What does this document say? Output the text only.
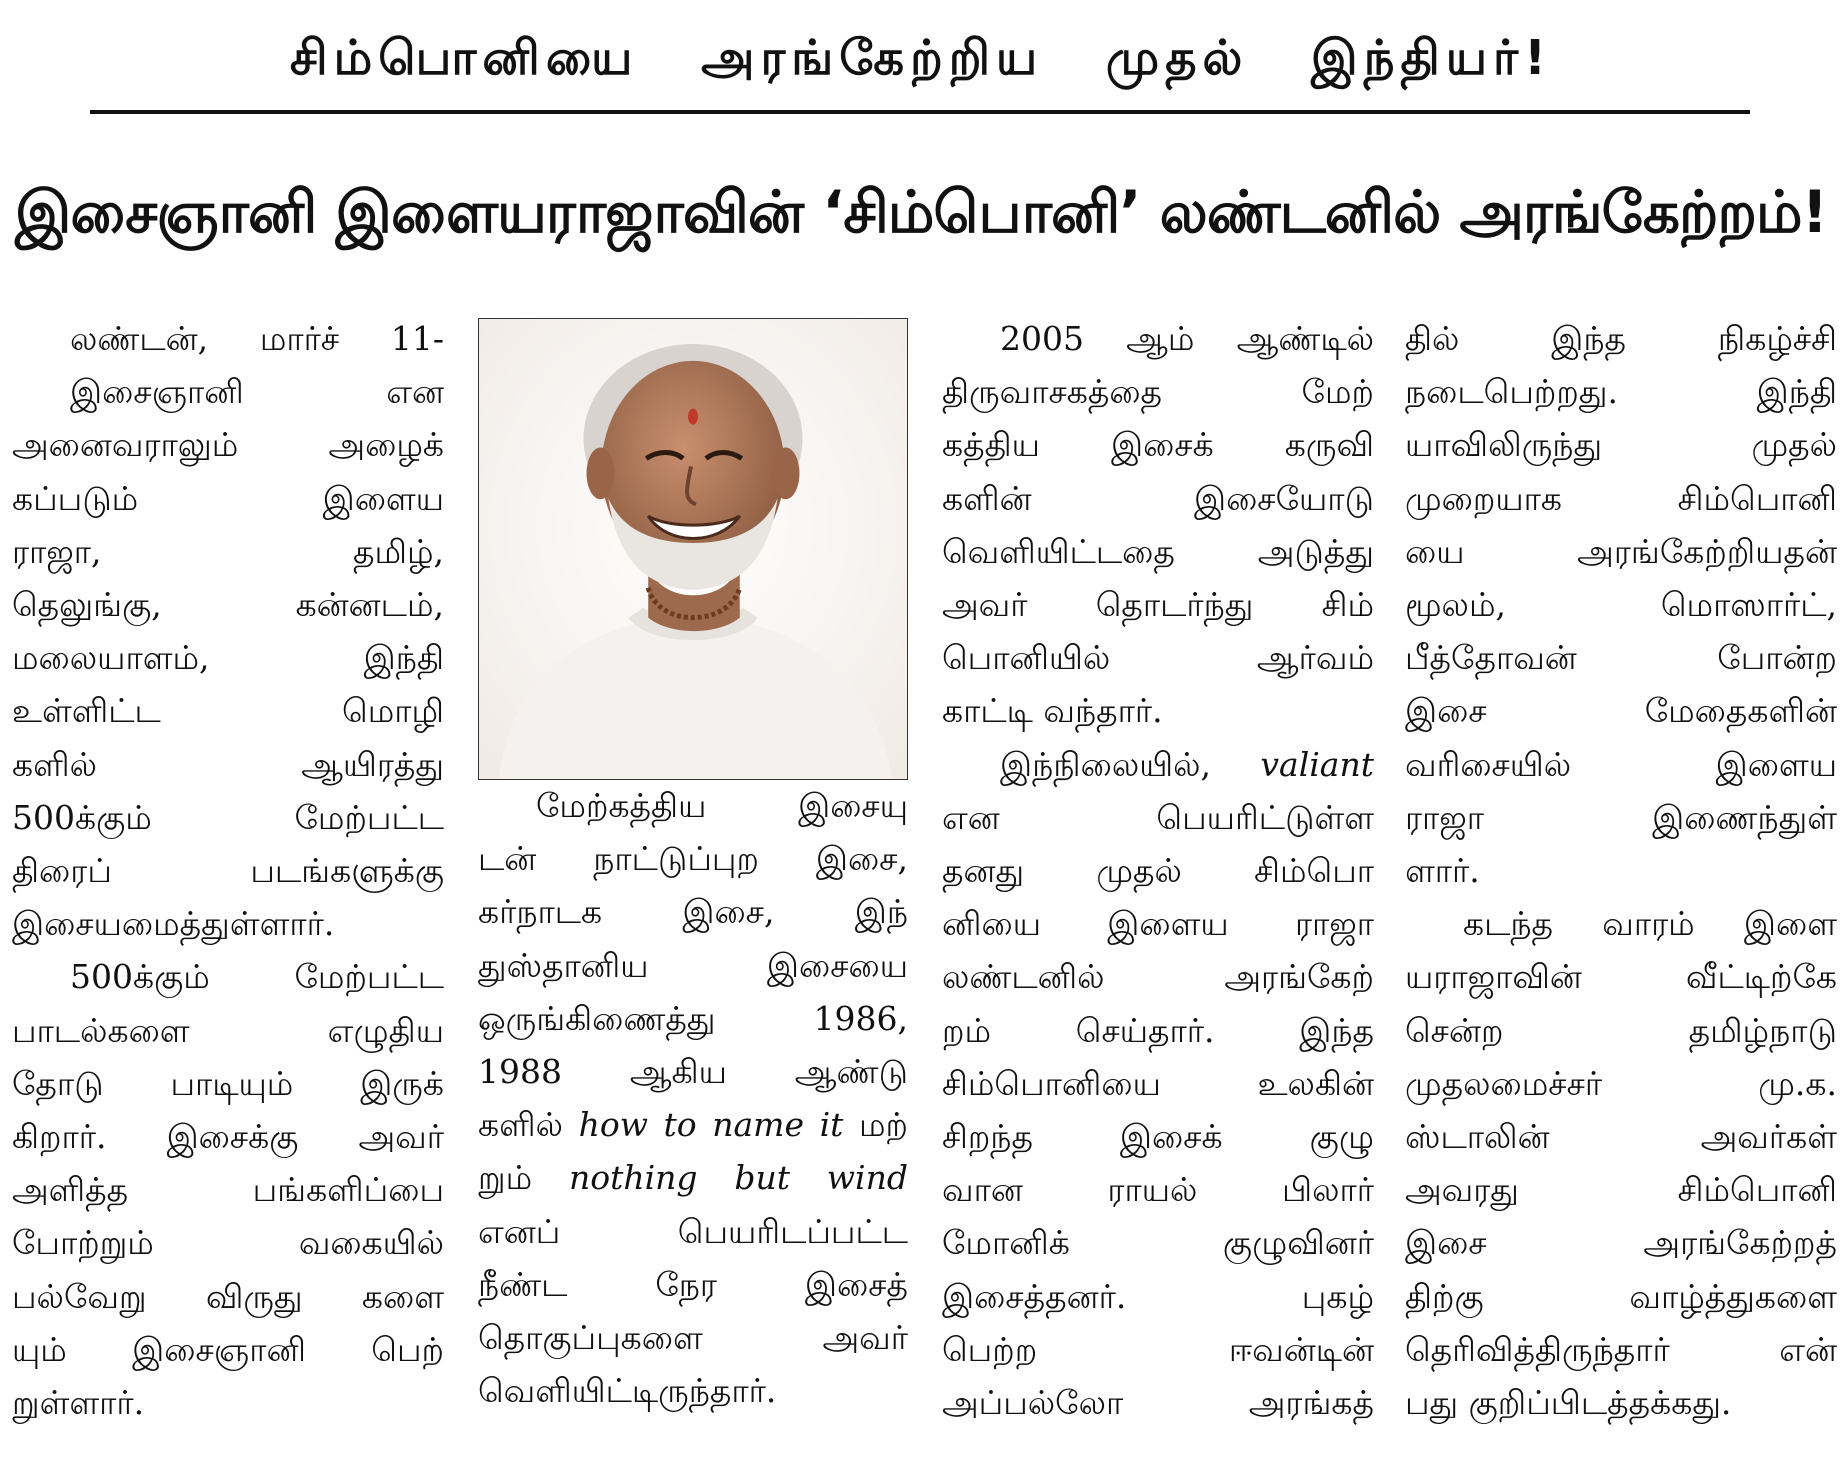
சிம்பொனியை அரங்கேற்றிய முதல் இந்தியர்!
இசைஞானி இளையராஜாவின் ‘சிம்பொனி’ லண்டனில் அரங்கேற்றம்!

லண்டன், மார்ச் 11-

இசைஞானி என

அனைவராலும் அழைக்

கப்படும் இளைய

ராஜா, தமிழ்,

தெலுங்கு, கன்னடம்,

மலையாளம், இந்தி

உள்ளிட்ட மொழி

களில் ஆயிரத்து

500க்கும் மேற்பட்ட

திரைப் படங்களுக்கு

இசையமைத்துள்ளார்.

500க்கும் மேற்பட்ட

பாடல்களை எழுதிய

தோடு பாடியும் இருக்

கிறார். இசைக்கு அவர்

அளித்த பங்களிப்பை

போற்றும் வகையில்

பல்வேறு விருது களை

யும் இசைஞானி பெற்

றுள்ளார்.

மேற்கத்திய இசையு

டன் நாட்டுப்புற இசை,

கர்நாடக இசை, இந்

துஸ்தானிய இசையை

ஒருங்கிணைத்து 1986,

1988 ஆகிய ஆண்டு

களில் how to name it மற்

றும் nothing but wind

எனப் பெயரிடப்பட்ட

நீண்ட நேர இசைத்

தொகுப்புகளை அவர்

வெளியிட்டிருந்தார்.

2005 ஆம் ஆண்டில்

திருவாசகத்தை மேற்

கத்திய இசைக் கருவி

களின் இசையோடு

வெளியிட்டதை அடுத்து

அவர் தொடர்ந்து சிம்

பொனியில் ஆர்வம்

காட்டி வந்தார்.

இந்நிலையில், valiant

என பெயரிட்டுள்ள

தனது முதல் சிம்பொ

னியை இளைய ராஜா

லண்டனில் அரங்கேற்

றம் செய்தார். இந்த

சிம்பொனியை உலகின்

சிறந்த இசைக் குழு

வான ராயல் பிலார்

மோனிக் குழுவினர்

இசைத்தனர். புகழ்

பெற்ற ஈவன்டின்

அப்பல்லோ அரங்கத்

தில் இந்த நிகழ்ச்சி

நடைபெற்றது. இந்தி

யாவிலிருந்து முதல்

முறையாக சிம்பொனி

யை அரங்கேற்றியதன்

மூலம், மொஸார்ட்,

பீத்தோவன் போன்ற

இசை மேதைகளின்

வரிசையில் இளைய

ராஜா இணைந்துள்

ளார்.

கடந்த வாரம் இளை

யராஜாவின் வீட்டிற்கே

சென்ற தமிழ்நாடு

முதலமைச்சர் மு.க.

ஸ்டாலின் அவர்கள்

அவரது சிம்பொனி

இசை அரங்கேற்றத்

திற்கு வாழ்த்துகளை

தெரிவித்திருந்தார் என்

பது குறிப்பிடத்தக்கது.
